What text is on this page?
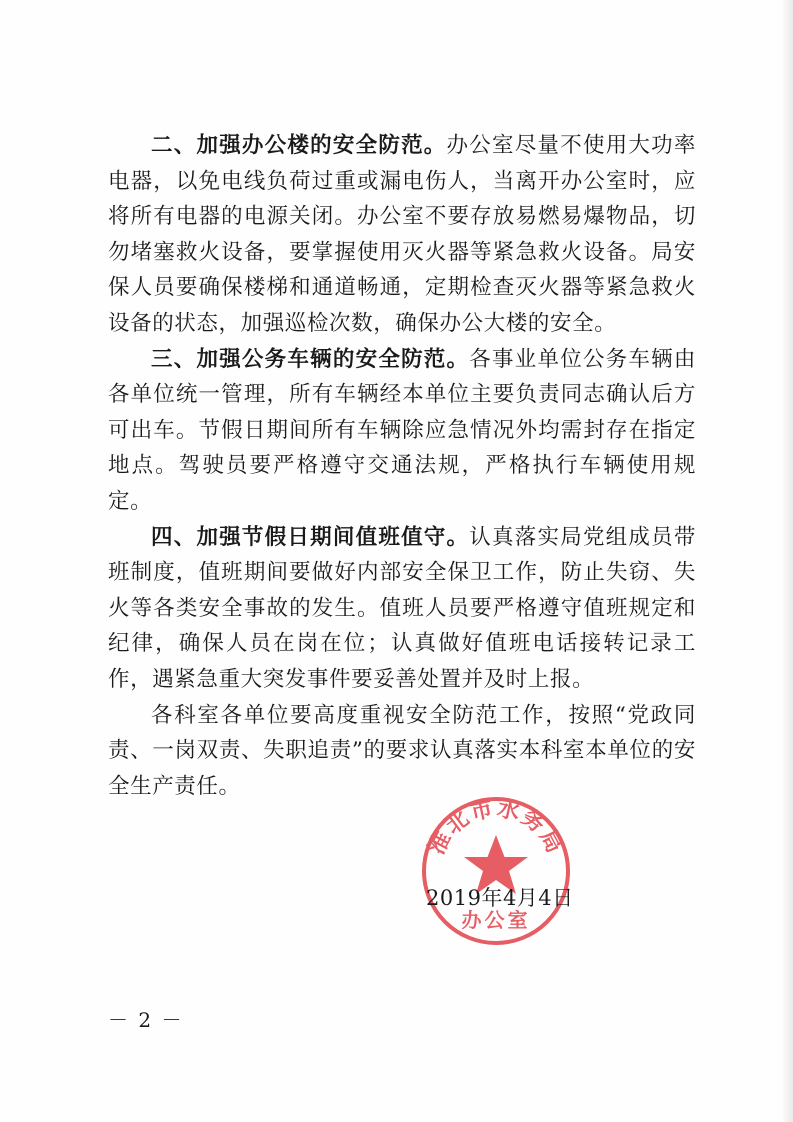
二、加强办公楼的安全防范。办公室尽量不使用大功率电器，以免电线负荷过重或漏电伤人，当离开办公室时，应将所有电器的电源关闭。办公室不要存放易燃易爆物品，切勿堵塞救火设备，要掌握使用灭火器等紧急救火设备。局安保人员要确保楼梯和通道畅通，定期检查灭火器等紧急救火设备的状态，加强巡检次数，确保办公大楼的安全。

三、加强公务车辆的安全防范。各事业单位公务车辆由各单位统一管理，所有车辆经本单位主要负责同志确认后方可出车。节假日期间所有车辆除应急情况外均需封存在指定地点。驾驶员要严格遵守交通法规，严格执行车辆使用规定。

四、加强节假日期间值班值守。认真落实局党组成员带班制度，值班期间要做好内部安全保卫工作，防止失窃、失火等各类安全事故的发生。值班人员要严格遵守值班规定和纪律，确保人员在岗在位；认真做好值班电话接转记录工作，遇紧急重大突发事件要妥善处置并及时上报。

各科室各单位要高度重视安全防范工作，按照“党政同责、一岗双责、失职追责”的要求认真落实本科室本单位的安全生产责任。

淮北市水务局
办公室
2019年4月4日
－ 2 －
